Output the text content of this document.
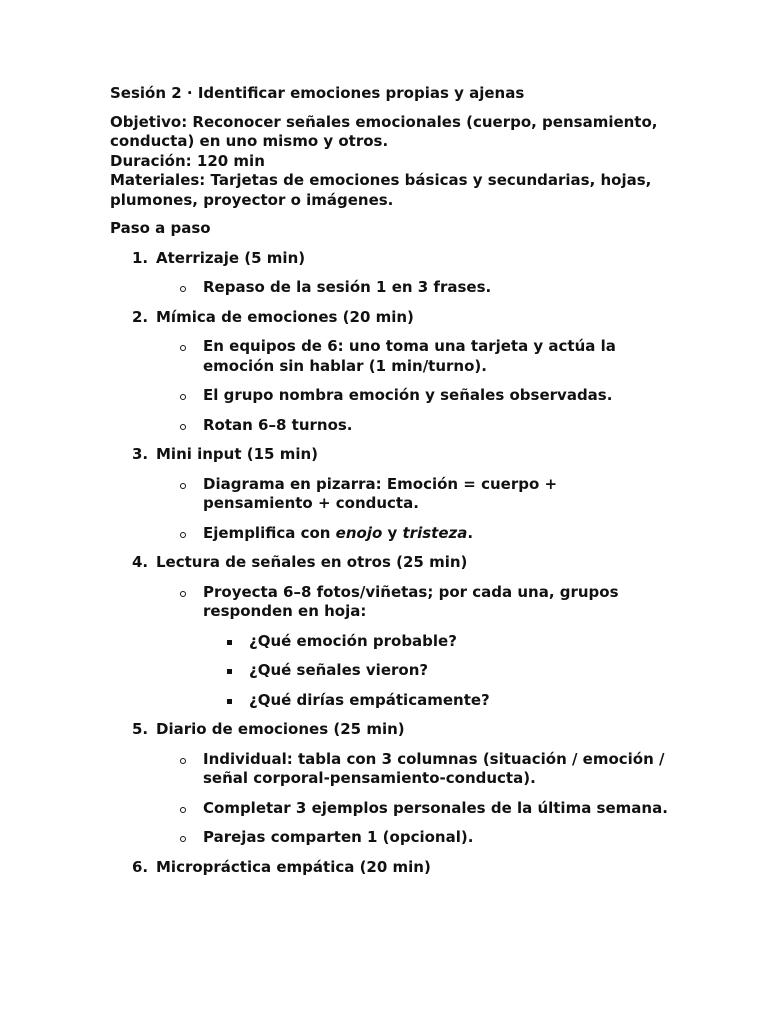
Sesión 2 · Identificar emociones propias y ajenas

Objetivo: Reconocer señales emocionales (cuerpo, pensamiento, conducta) en uno mismo y otros.
Duración: 120 min
Materiales: Tarjetas de emociones básicas y secundarias, hojas, plumones, proyector o imágenes.

Paso a paso

1. Aterrizaje (5 min)
Repaso de la sesión 1 en 3 frases.
2. Mímica de emociones (20 min)
En equipos de 6: uno toma una tarjeta y actúa la emoción sin hablar (1 min/turno).
El grupo nombra emoción y señales observadas.
Rotan 6–8 turnos.
3. Mini input (15 min)
Diagrama en pizarra: Emoción = cuerpo + pensamiento + conducta.
Ejemplifica con enojo y tristeza.
4. Lectura de señales en otros (25 min)
Proyecta 6–8 fotos/viñetas; por cada una, grupos responden en hoja:
¿Qué emoción probable?
¿Qué señales vieron?
¿Qué dirías empáticamente?
5. Diario de emociones (25 min)
Individual: tabla con 3 columnas (situación / emoción / señal corporal-pensamiento-conducta).
Completar 3 ejemplos personales de la última semana.
Parejas comparten 1 (opcional).
6. Micropráctica empática (20 min)
